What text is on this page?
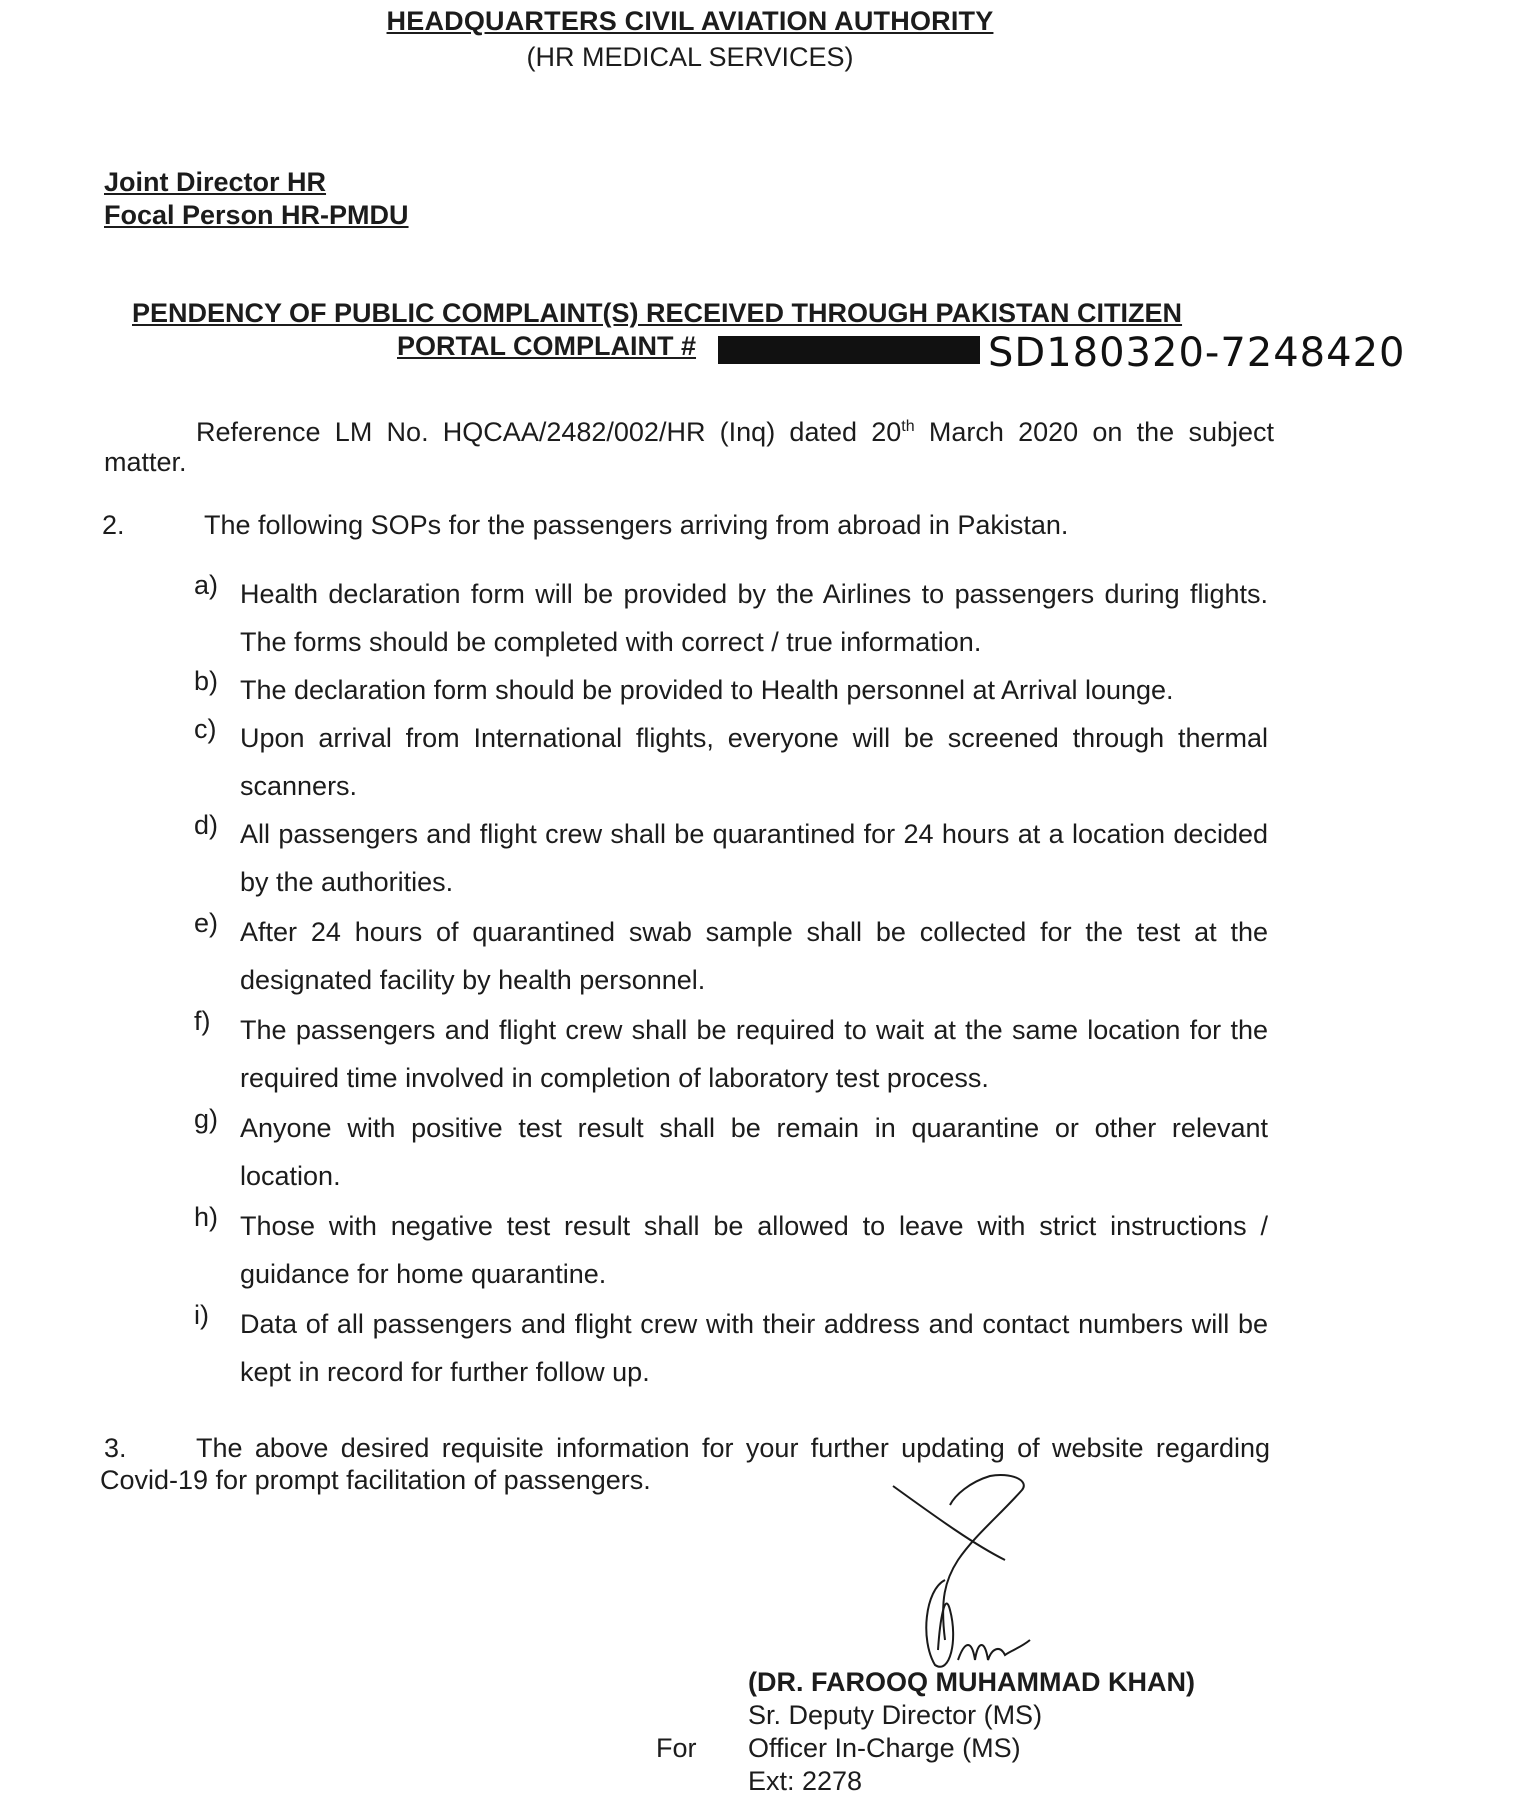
HEADQUARTERS CIVIL AVIATION AUTHORITY
(HR MEDICAL SERVICES)
Joint Director HR
Focal Person HR-PMDU
PENDENCY OF PUBLIC COMPLAINT(S) RECEIVED THROUGH PAKISTAN CITIZEN
PORTAL COMPLAINT #	SD180320-7248420
Reference LM No. HQCAA/2482/002/HR (Inq) dated 20th March 2020 on the subject matter.
2.	The following SOPs for the passengers arriving from abroad in Pakistan.
a) Health declaration form will be provided by the Airlines to passengers during flights. The forms should be completed with correct / true information.
b) The declaration form should be provided to Health personnel at Arrival lounge.
c) Upon arrival from International flights, everyone will be screened through thermal scanners.
d) All passengers and flight crew shall be quarantined for 24 hours at a location decided by the authorities.
e) After 24 hours of quarantined swab sample shall be collected for the test at the designated facility by health personnel.
f) The passengers and flight crew shall be required to wait at the same location for the required time involved in completion of laboratory test process.
g) Anyone with positive test result shall be remain in quarantine or other relevant location.
h) Those with negative test result shall be allowed to leave with strict instructions / guidance for home quarantine.
i) Data of all passengers and flight crew with their address and contact numbers will be kept in record for further follow up.
3.	The above desired requisite information for your further updating of website regarding Covid-19 for prompt facilitation of passengers.
(DR. FAROOQ MUHAMMAD KHAN)
Sr. Deputy Director (MS)
For Officer In-Charge (MS)
Ext: 2278
